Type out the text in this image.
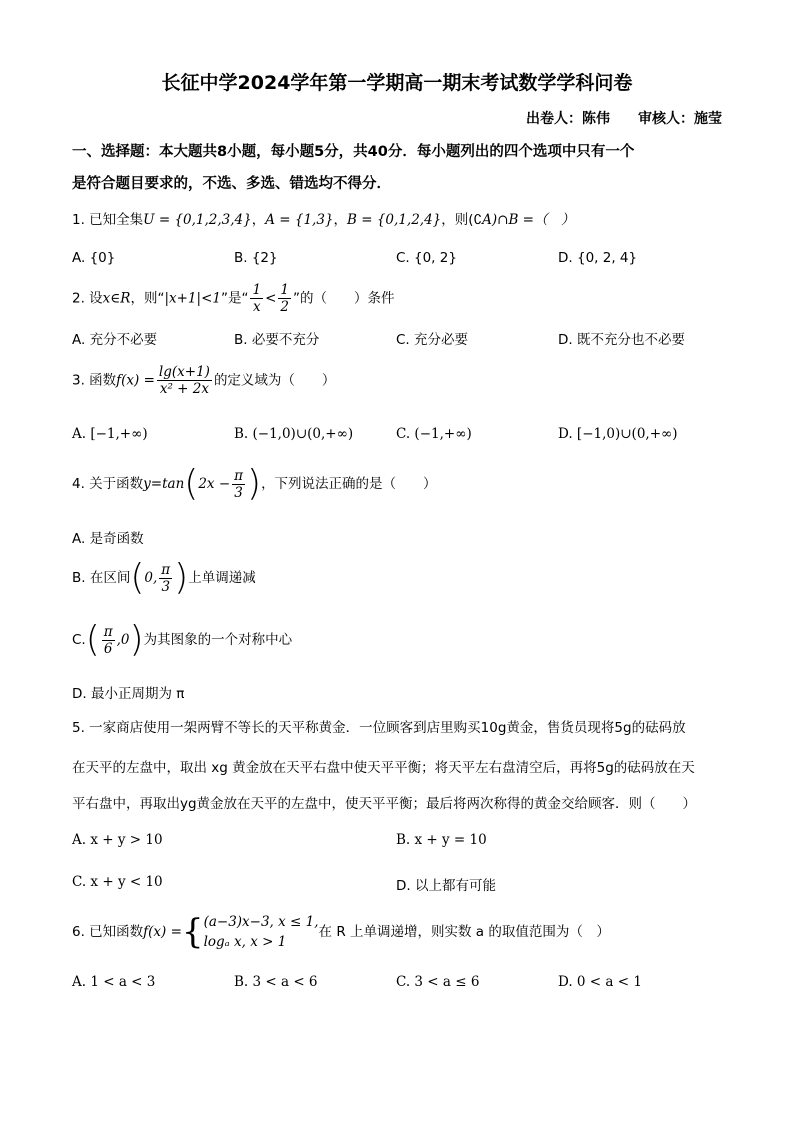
长征中学2024学年第一学期高一期末考试数学学科问卷
出卷人：陈伟　　审核人：施莹
一、选择题：本大题共8小题，每小题5分，共40分．每小题列出的四个选项中只有一个
是符合题目要求的，不选、多选、错选均不得分．
1. 已知全集U = {0,1,2,3,4}，A = {1,3}，B = {0,1,2,4}，则(∁A)∩B =（　）
A. {0}	B. {2}	C. {0, 2}	D. {0, 2, 4}
2. 设x∈R，则“|x+1|<1”是“ $\frac{1}{x} < \frac{1}{2}$ ”的（　　）条件
A. 充分不必要	B. 必要不充分	C. 充分必要	D. 既不充分也不必要
3. 函数$f(x) = \frac{\lg(x+1)}{\text{x² + 2x}}$ 的定义域为（　　）
A. [−1,+∞)	B. (−1,0)∪(0,+∞)	C. (−1,+∞)	D. [−1,0)∪(0,+∞)
4. 关于函数$y=\tan(2x - \frac{\pi}{3}$ )，下列说法正确的是（　　）
A. 是奇函数
B. 在区间(0, $\frac{\pi}{3}$ )上单调递减
$C.( \frac{\pi}{6} ,0)$为其图象的一个对称中心
D. 最小正周期为 π
5. 一家商店使用一架两臂不等长的天平称黄金．一位顾客到店里购买10g黄金，售货员现将5g的砝码放
在天平的左盘中，取出 xg 黄金放在天平右盘中使天平平衡；将天平左右盘清空后，再将5g的砝码放在天
平右盘中，再取出yg黄金放在天平的左盘中，使天平平衡；最后将两次称得的黄金交给顾客．则（　　）
A. x + y > 10	B. x + y = 10
C. x + y < 10	D. 以上都有可能
6. 已知函数f(x) ={ (a−3)x−3, x ≤ 1,
logₐ x, x > 1
在 R 上单调递增，则实数 a 的取值范围为（　）
A. 1 < a < 3	B. 3 < a < 6	C. 3 < a ≤ 6	D. 0 < a < 1
